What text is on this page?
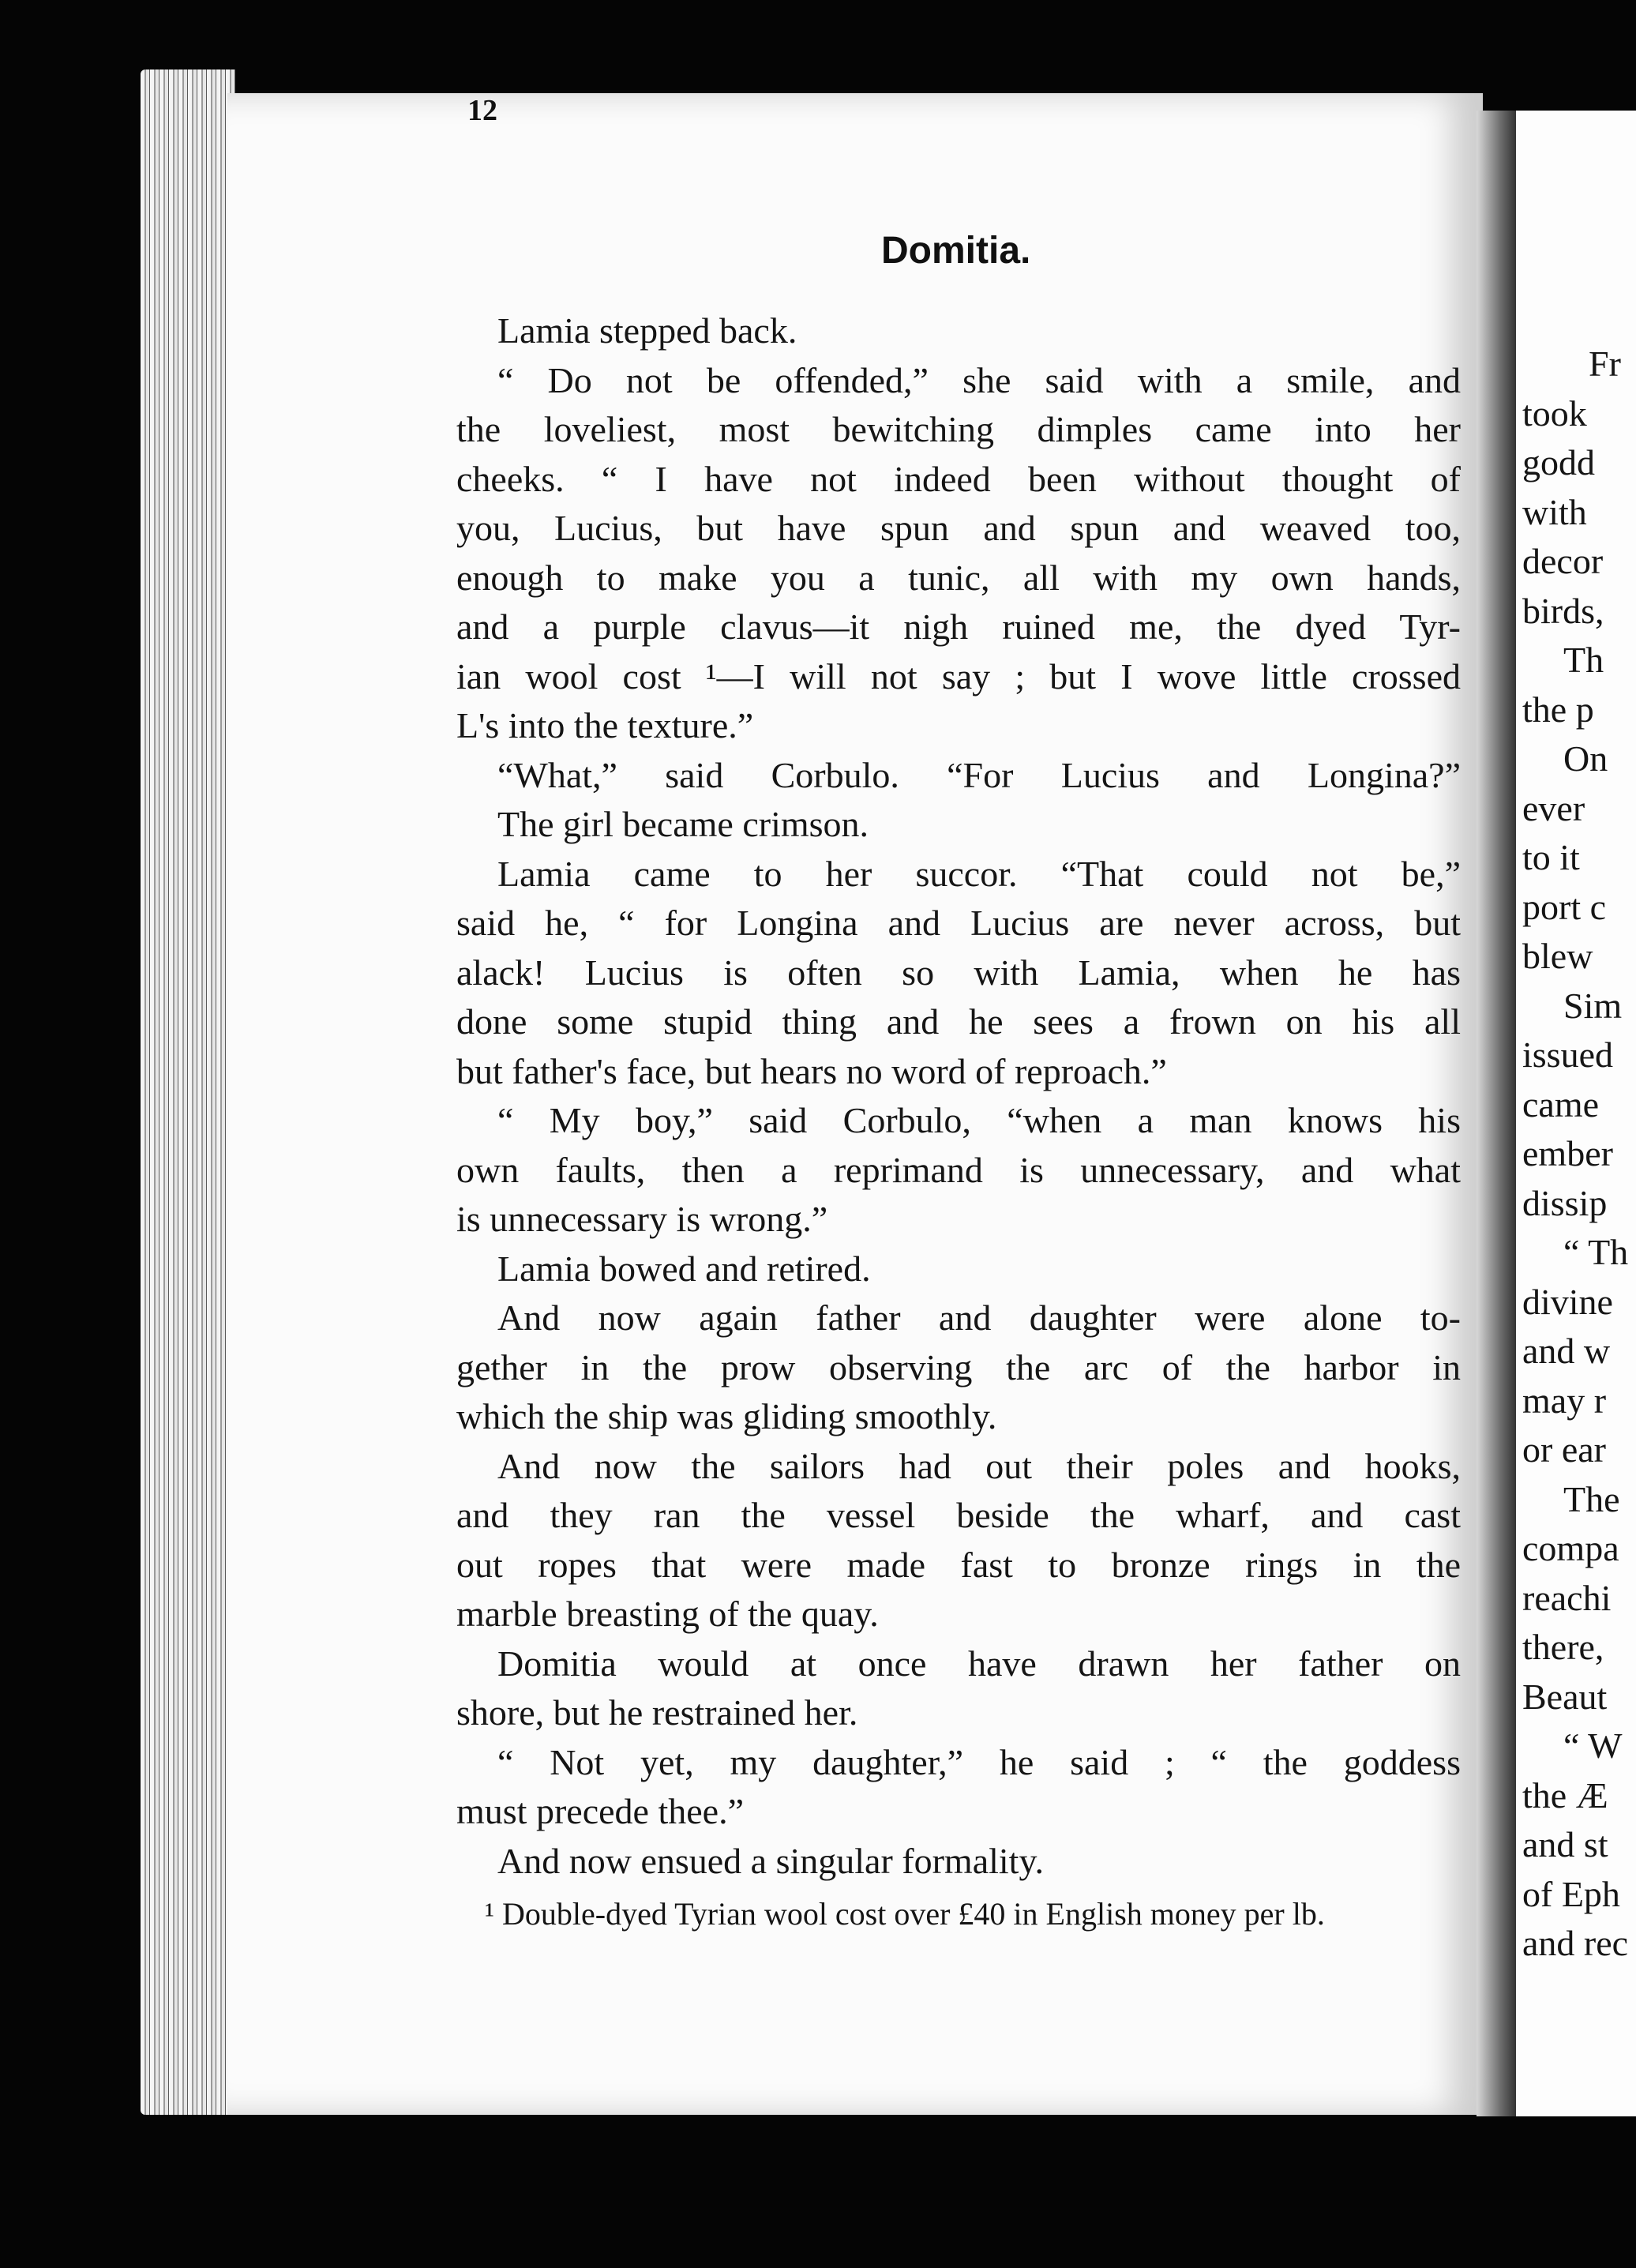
12
Domitia.
Lamia stepped back.
“ Do not be offended,” she said with a smile, and
the loveliest, most bewitching dimples came into her
cheeks. “ I have not indeed been without thought of
you, Lucius, but have spun and spun and weaved too,
enough to make you a tunic, all with my own hands,
and a purple clavus—it nigh ruined me, the dyed Tyr-
ian wool cost ¹—I will not say ; but I wove little crossed
L's into the texture.”
“What,” said Corbulo. “For Lucius and Longina?”
The girl became crimson.
Lamia came to her succor. “That could not be,”
said he, “ for Longina and Lucius are never across, but
alack! Lucius is often so with Lamia, when he has
done some stupid thing and he sees a frown on his all
but father's face, but hears no word of reproach.”
“ My boy,” said Corbulo, “when a man knows his
own faults, then a reprimand is unnecessary, and what
is unnecessary is wrong.”
Lamia bowed and retired.
And now again father and daughter were alone to-
gether in the prow observing the arc of the harbor in
which the ship was gliding smoothly.
And now the sailors had out their poles and hooks,
and they ran the vessel beside the wharf, and cast
out ropes that were made fast to bronze rings in the
marble breasting of the quay.
Domitia would at once have drawn her father on
shore, but he restrained her.
“ Not yet, my daughter,” he said ; “ the goddess
must precede thee.”
And now ensued a singular formality.
¹ Double-dyed Tyrian wool cost over £40 in English money per lb.
Fr
took
godd
with
decor
birds,
Th
the p
On
ever
to it
port c
blew
Sim
issued
came
ember
dissip
“ Th
divine
and w
may r
or ear
The
compa
reachi
there,
Beaut
“ W
the Æ
and st
of Eph
and rec
